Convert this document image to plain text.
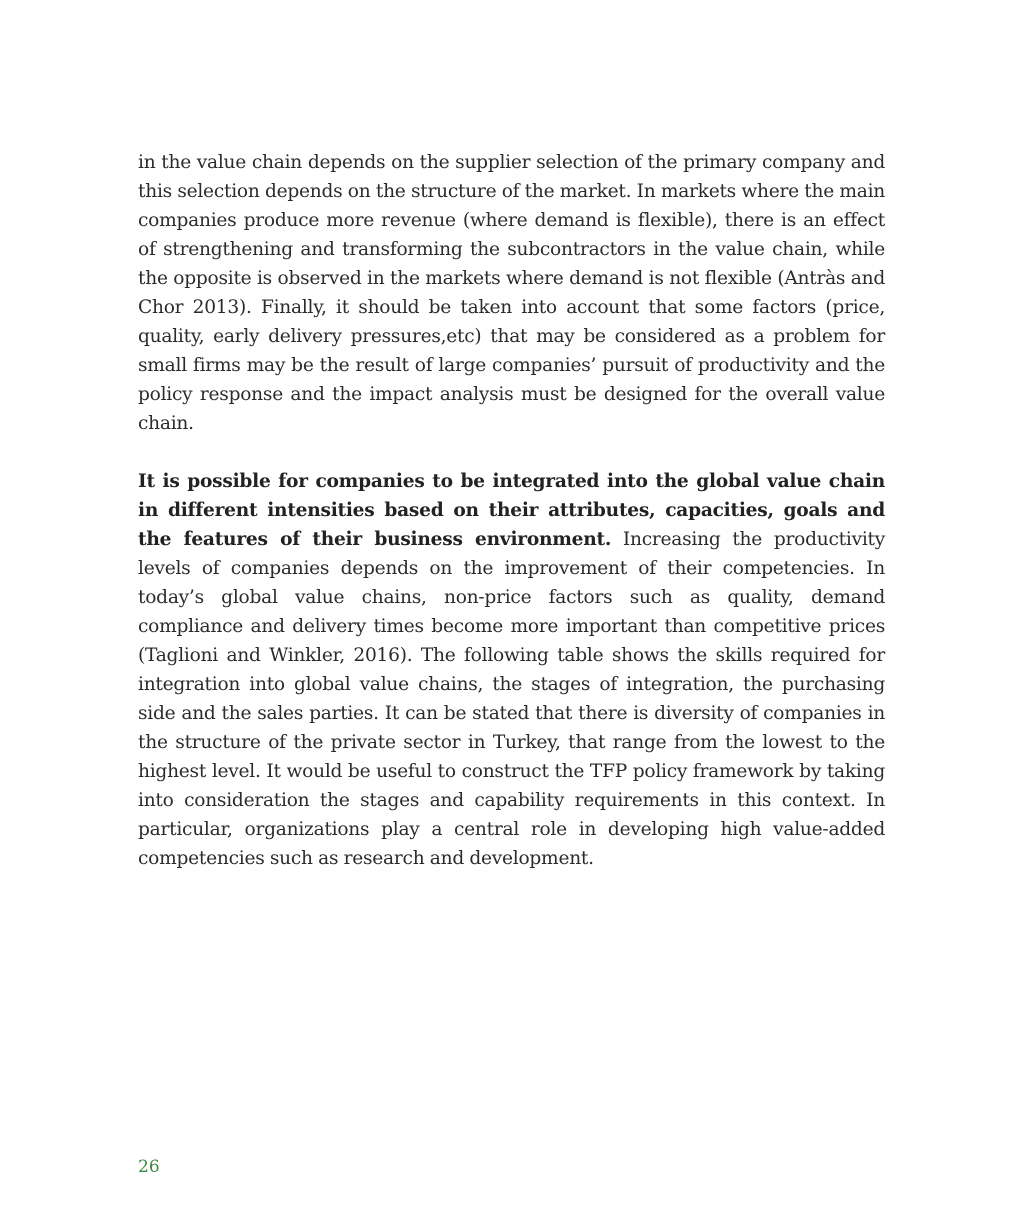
in the value chain depends on the supplier selection of the primary company and this selection depends on the structure of the market. In markets where the main companies produce more revenue (where demand is flexible), there is an effect of strengthening and transforming the subcontractors in the value chain, while the opposite is observed in the markets where demand is not flexible (Antràs and Chor 2013). Finally, it should be taken into account that some factors (price, quality, early delivery pressures,etc) that may be considered as a problem for small firms may be the result of large companies’ pursuit of productivity and the policy response and the impact analysis must be designed for the overall value chain.

It is possible for companies to be integrated into the global value chain in different intensities based on their attributes, capacities, goals and the features of their business environment. Increasing the productivity levels of companies depends on the improvement of their competencies. In today’s global value chains, non-price factors such as quality, demand compliance and delivery times become more important than competitive prices (Taglioni and Winkler, 2016). The following table shows the skills required for integration into global value chains, the stages of integration, the purchasing side and the sales parties. It can be stated that there is diversity of companies in the structure of the private sector in Turkey, that range from the lowest to the highest level. It would be useful to construct the TFP policy framework by taking into consideration the stages and capability requirements in this context. In particular, organizations play a central role in developing high value-added competencies such as research and development.

26
